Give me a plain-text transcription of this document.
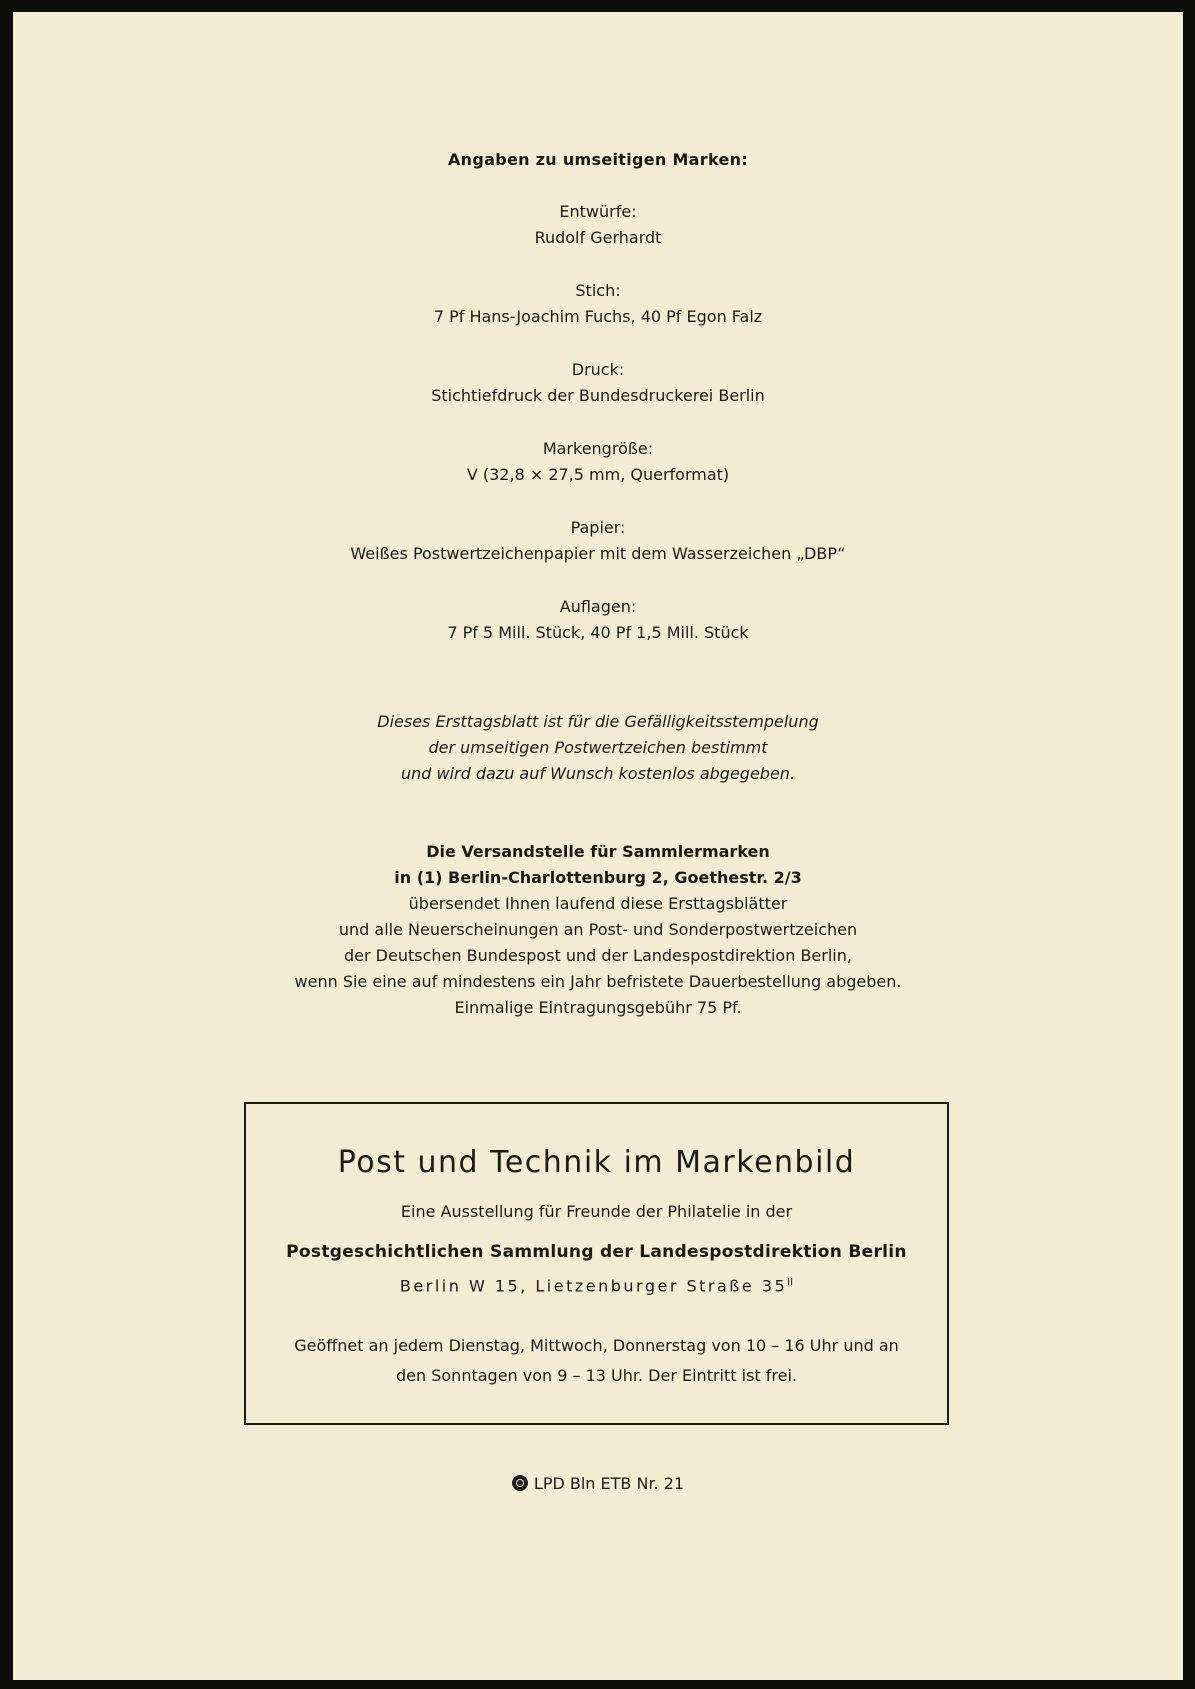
Angaben zu umseitigen Marken:
Entwürfe:
Rudolf Gerhardt
Stich:
7 Pf Hans-Joachim Fuchs, 40 Pf Egon Falz
Druck:
Stichtiefdruck der Bundesdruckerei Berlin
Markengröße:
V (32,8 × 27,5 mm, Querformat)
Papier:
Weißes Postwertzeichenpapier mit dem Wasserzeichen „DBP“
Auflagen:
7 Pf 5 Mill. Stück, 40 Pf 1,5 Mill. Stück
Dieses Ersttagsblatt ist für die Gefälligkeitsstempelung
der umseitigen Postwertzeichen bestimmt
und wird dazu auf Wunsch kostenlos abgegeben.
Die Versandstelle für Sammlermarken
in (1) Berlin-Charlottenburg 2, Goethestr. 2/3
übersendet Ihnen laufend diese Ersttagsblätter
und alle Neuerscheinungen an Post- und Sonderpostwertzeichen
der Deutschen Bundespost und der Landespostdirektion Berlin,
wenn Sie eine auf mindestens ein Jahr befristete Dauerbestellung abgeben.
Einmalige Eintragungsgebühr 75 Pf.
Post und Technik im Markenbild
Eine Ausstellung für Freunde der Philatelie in der
Postgeschichtlichen Sammlung der Landespostdirektion Berlin
Berlin W 15, Lietzenburger Straße $35^{II}$
Geöffnet an jedem Dienstag, Mittwoch, Donnerstag von 10 – 16 Uhr und an
den Sonntagen von 9 – 13 Uhr. Der Eintritt ist frei.
LPD Bln ETB Nr. 21
